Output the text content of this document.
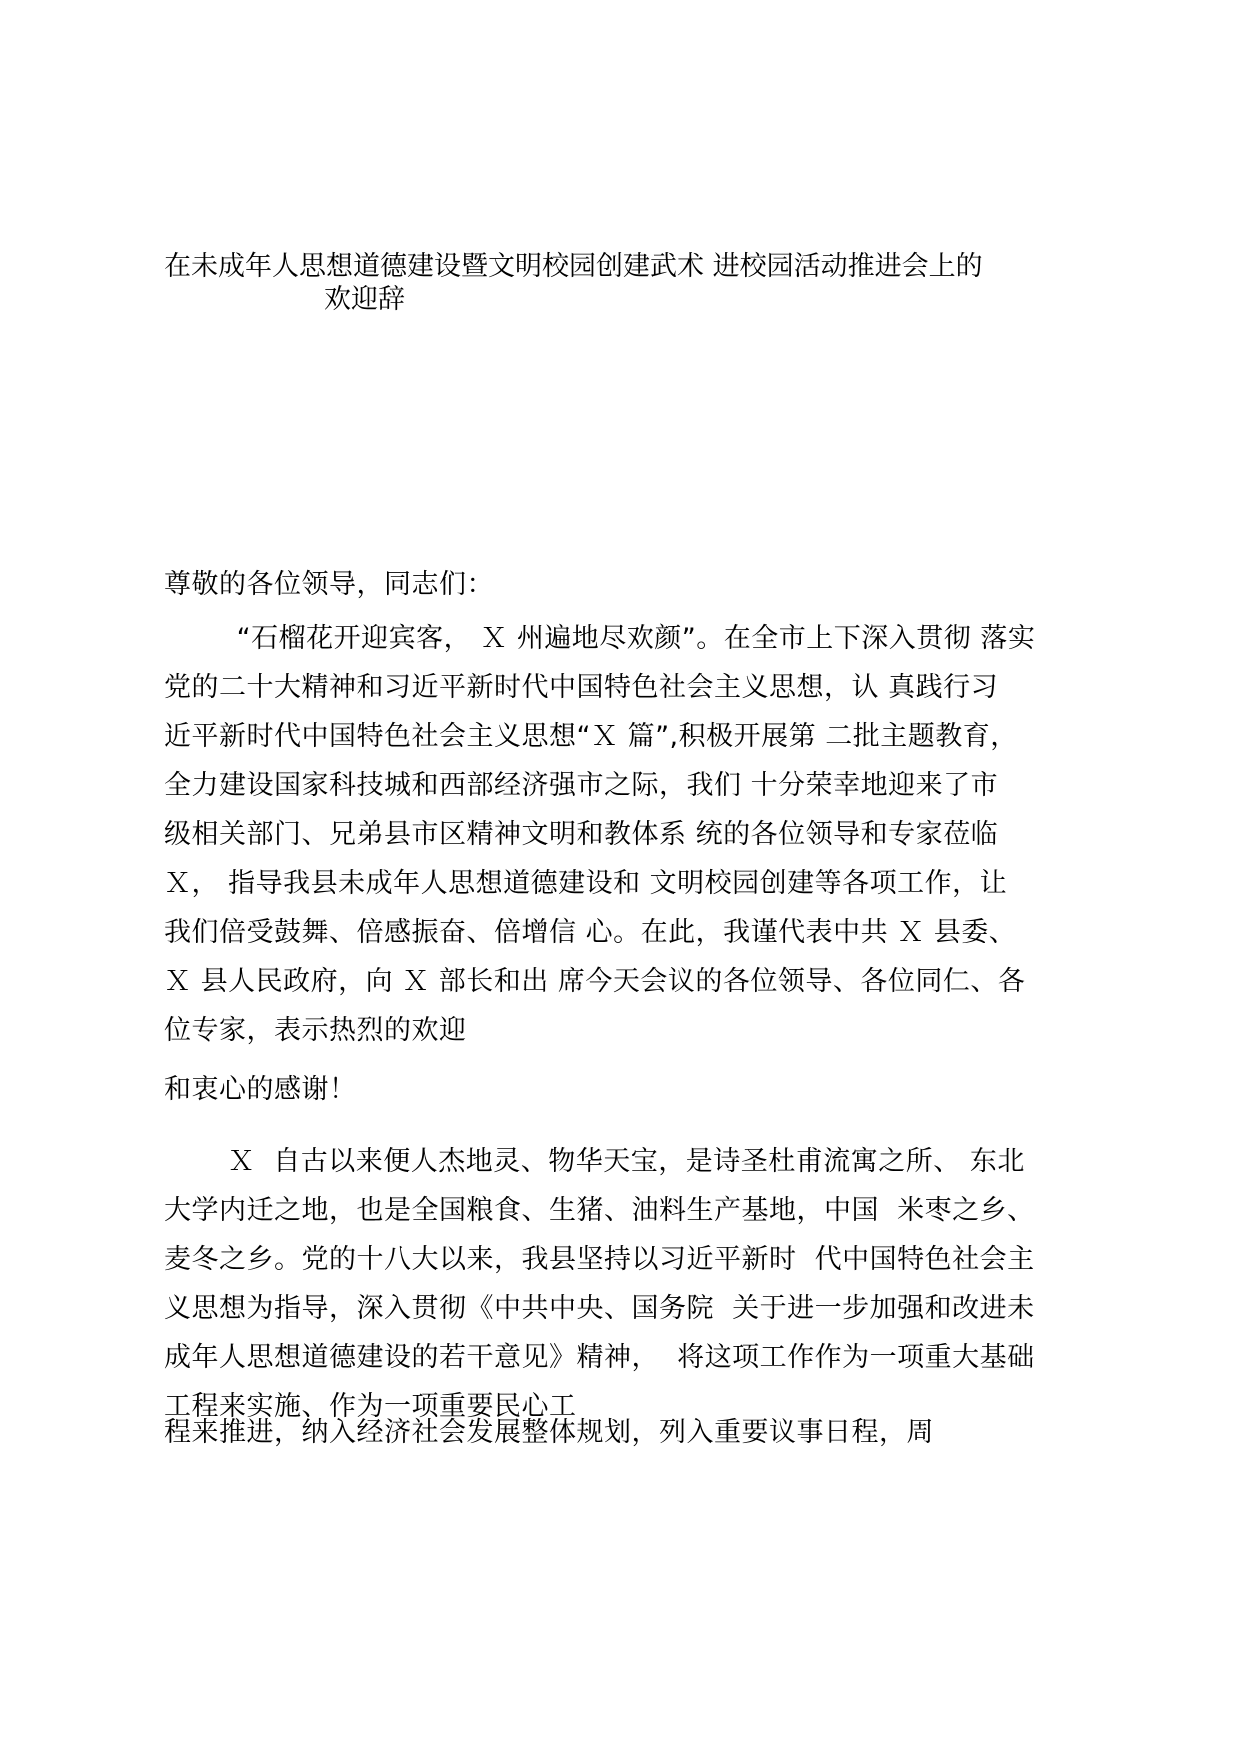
在未成年人思想道德建设暨文明校园创建武术 进校园活动推进会上的
欢迎辞
尊敬的各位领导，同志们：
“石榴花开迎宾客， Ｘ 州遍地尽欢颜”。在全市上下深入贯彻 落实
党的二十大精神和习近平新时代中国特色社会主义思想，认 真践行习
近平新时代中国特色社会主义思想“Ｘ 篇”,积极开展第 二批主题教育，
全力建设国家科技城和西部经济强市之际，我们 十分荣幸地迎来了市
级相关部门、兄弟县市区精神文明和教体系 统的各位领导和专家莅临
Ｘ， 指导我县未成年人思想道德建设和 文明校园创建等各项工作，让
我们倍受鼓舞、倍感振奋、倍增信 心。在此，我谨代表中共 Ｘ 县委、
Ｘ 县人民政府，向 Ｘ 部长和出 席今天会议的各位领导、各位同仁、各
位专家，表示热烈的欢迎
和衷心的感谢！
Ｘ  自古以来便人杰地灵、物华天宝，是诗圣杜甫流寓之所、 东北
大学内迁之地，也是全国粮食、生猪、油料生产基地，中国  米枣之乡、
麦冬之乡。党的十八大以来，我县坚持以习近平新时  代中国特色社会主
义思想为指导，深入贯彻《中共中央、国务院  关于进一步加强和改进未
成年人思想道德建设的若干意见》精神，  将这项工作作为一项重大基础
工程来实施、作为一项重要民心工
程来推进，纳入经济社会发展整体规划，列入重要议事日程，周
